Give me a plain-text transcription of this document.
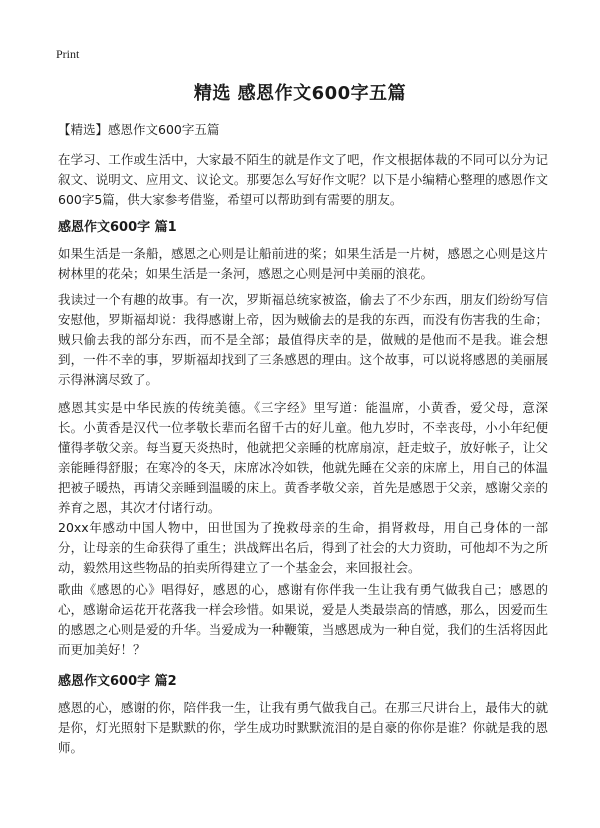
Print
精选 感恩作文600字五篇
【精选】感恩作文600字五篇

在学习、工作或生活中，大家最不陌生的就是作文了吧，作文根据体裁的不同可以分为记叙文、说明文、应用文、议论文。那要怎么写好作文呢？以下是小编精心整理的感恩作文600字5篇，供大家参考借鉴，希望可以帮助到有需要的朋友。

感恩作文600字 篇1

如果生活是一条船，感恩之心则是让船前进的桨；如果生活是一片树，感恩之心则是这片树林里的花朵；如果生活是一条河，感恩之心则是河中美丽的浪花。

我读过一个有趣的故事。有一次，罗斯福总统家被盗，偷去了不少东西，朋友们纷纷写信安慰他，罗斯福却说：我得感谢上帝，因为贼偷去的是我的东西，而没有伤害我的生命；贼只偷去我的部分东西，而不是全部；最值得庆幸的是，做贼的是他而不是我。谁会想到，一件不幸的事，罗斯福却找到了三条感恩的理由。这个故事，可以说将感恩的美丽展示得淋漓尽致了。

感恩其实是中华民族的传统美德。《三字经》里写道：能温席，小黄香，爱父母，意深长。小黄香是汉代一位孝敬长辈而名留千古的好儿童。他九岁时，不幸丧母，小小年纪便懂得孝敬父亲。每当夏天炎热时，他就把父亲睡的枕席扇凉，赶走蚊子，放好帐子，让父亲能睡得舒服；在寒冷的冬天，床席冰冷如铁，他就先睡在父亲的床席上，用自己的体温把被子暖热，再请父亲睡到温暖的床上。黄香孝敬父亲，首先是感恩于父亲，感谢父亲的养育之恩，其次才付诸行动。

20xx年感动中国人物中，田世国为了挽救母亲的生命，捐肾救母，用自己身体的一部分，让母亲的生命获得了重生；洪战辉出名后，得到了社会的大力资助，可他却不为之所动，毅然用这些物品的拍卖所得建立了一个基金会，来回报社会。

歌曲《感恩的心》唱得好，感恩的心，感谢有你伴我一生让我有勇气做我自己；感恩的心，感谢命运花开花落我一样会珍惜。如果说，爱是人类最崇高的情感，那么，因爱而生的感恩之心则是爱的升华。当爱成为一种鞭策，当感恩成为一种自觉，我们的生活将因此而更加美好！？

感恩作文600字 篇2

感恩的心，感谢的你，陪伴我一生，让我有勇气做我自己。在那三尺讲台上，最伟大的就是你，灯光照射下是默默的你，学生成功时默默流泪的是自豪的你你是谁？你就是我的恩师。
